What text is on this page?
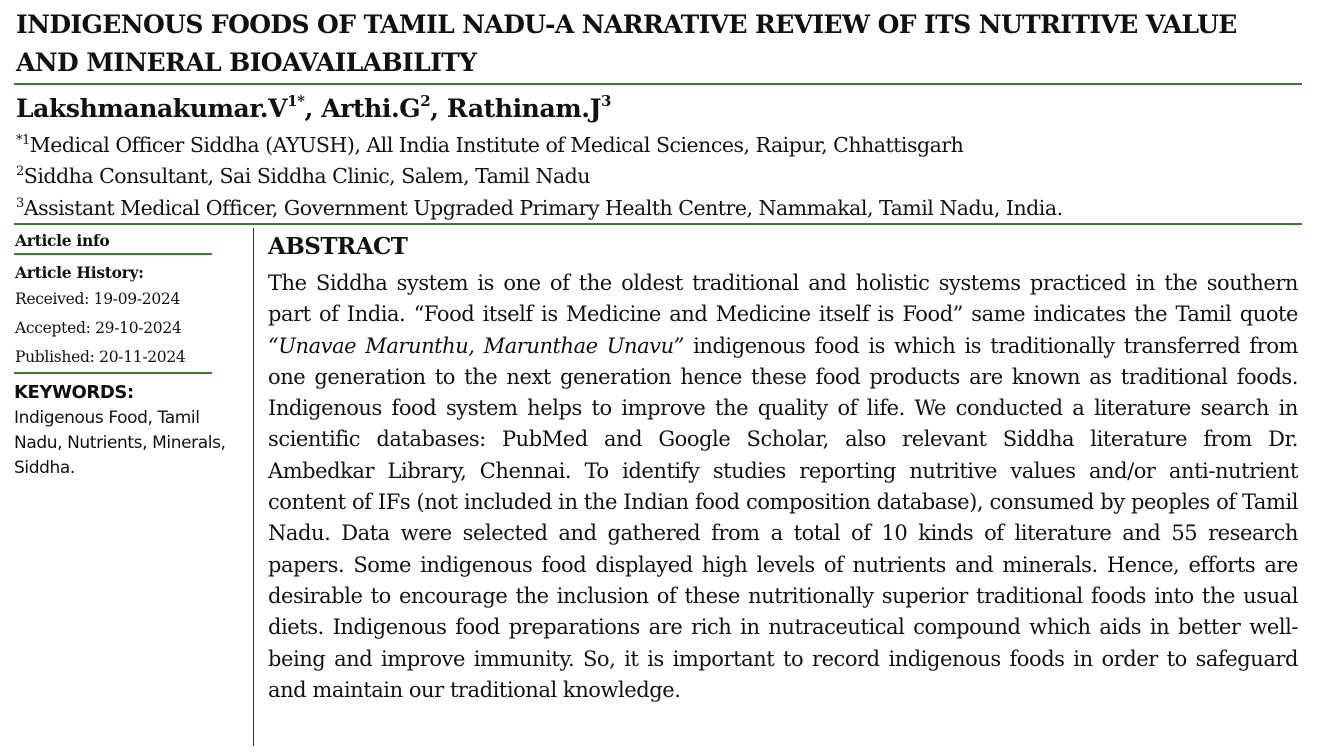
INDIGENOUS FOODS OF TAMIL NADU-A NARRATIVE REVIEW OF ITS NUTRITIVE VALUE AND MINERAL BIOAVAILABILITY
$Lakshmanakumar.V^{1*}$, $Arthi.G^2$, $Rathinam.J^3$
$^{*1}$Medical Officer Siddha (AYUSH), All India Institute of Medical Sciences, Raipur, Chhattisgarh
$^2$Siddha Consultant, Sai Siddha Clinic, Salem, Tamil Nadu
$^3$Assistant Medical Officer, Government Upgraded Primary Health Centre, Nammakal, Tamil Nadu, India.
Article info
Article History:
Received: 19-09-2024
Accepted: 29-10-2024
Published: 20-11-2024
KEYWORDS:
Indigenous Food, Tamil Nadu, Nutrients, Minerals, Siddha.
ABSTRACT
The Siddha system is one of the oldest traditional and holistic systems practiced in the southern part of India. “Food itself is Medicine and Medicine itself is Food” same indicates the Tamil quote “Unavae Marunthu, Marunthae Unavu” indigenous food is which is traditionally transferred from one generation to the next generation hence these food products are known as traditional foods. Indigenous food system helps to improve the quality of life. We conducted a literature search in scientific databases: PubMed and Google Scholar, also relevant Siddha literature from Dr. Ambedkar Library, Chennai. To identify studies reporting nutritive values and/or anti-nutrient content of IFs (not included in the Indian food composition database), consumed by peoples of Tamil Nadu. Data were selected and gathered from a total of 10 kinds of literature and 55 research papers. Some indigenous food displayed high levels of nutrients and minerals. Hence, efforts are desirable to encourage the inclusion of these nutritionally superior traditional foods into the usual diets. Indigenous food preparations are rich in nutraceutical compound which aids in better well-being and improve immunity. So, it is important to record indigenous foods in order to safeguard and maintain our traditional knowledge.
